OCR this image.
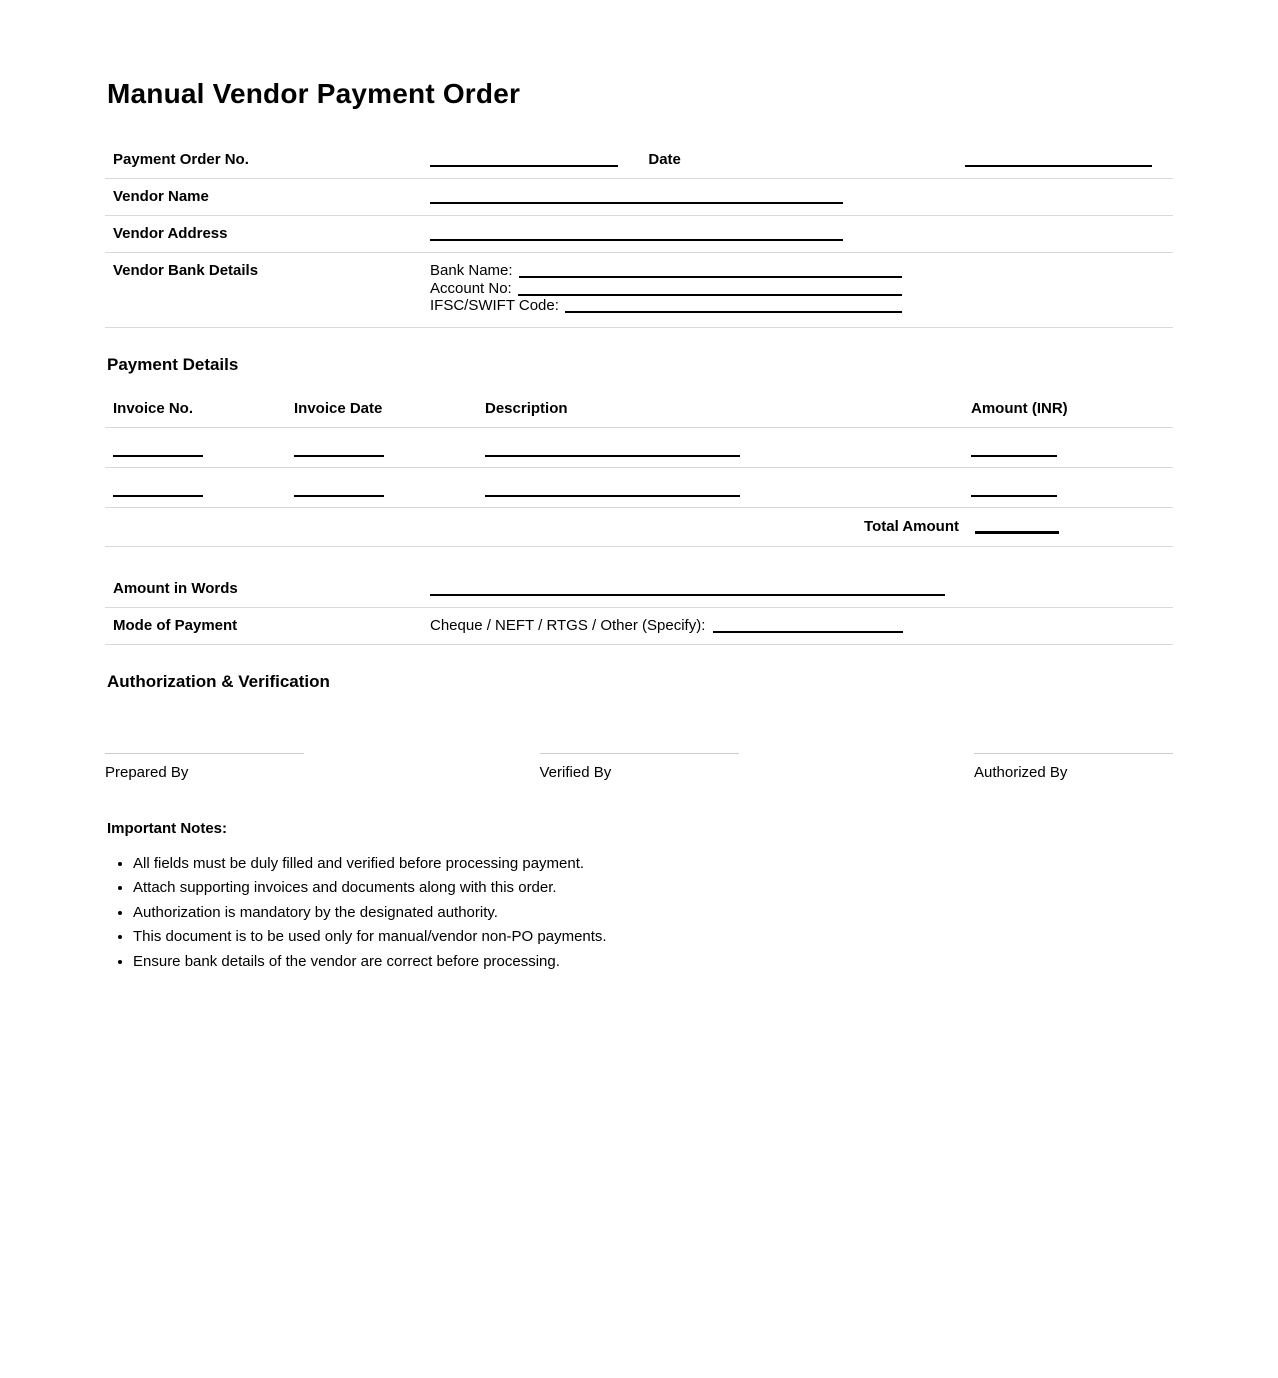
Manual Vendor Payment Order
Payment Order No.	Date
Vendor Name
Vendor Address
Vendor Bank Details	Bank Name:
Account No:
IFSC/SWIFT Code:
Payment Details
Invoice No.	Invoice Date	Description	Amount (INR)
Total Amount
Amount in Words
Mode of Payment	Cheque / NEFT / RTGS / Other (Specify):
Authorization & Verification
Prepared By	Verified By	Authorized By
Important Notes:
• All fields must be duly filled and verified before processing payment.
• Attach supporting invoices and documents along with this order.
• Authorization is mandatory by the designated authority.
• This document is to be used only for manual/vendor non-PO payments.
• Ensure bank details of the vendor are correct before processing.
